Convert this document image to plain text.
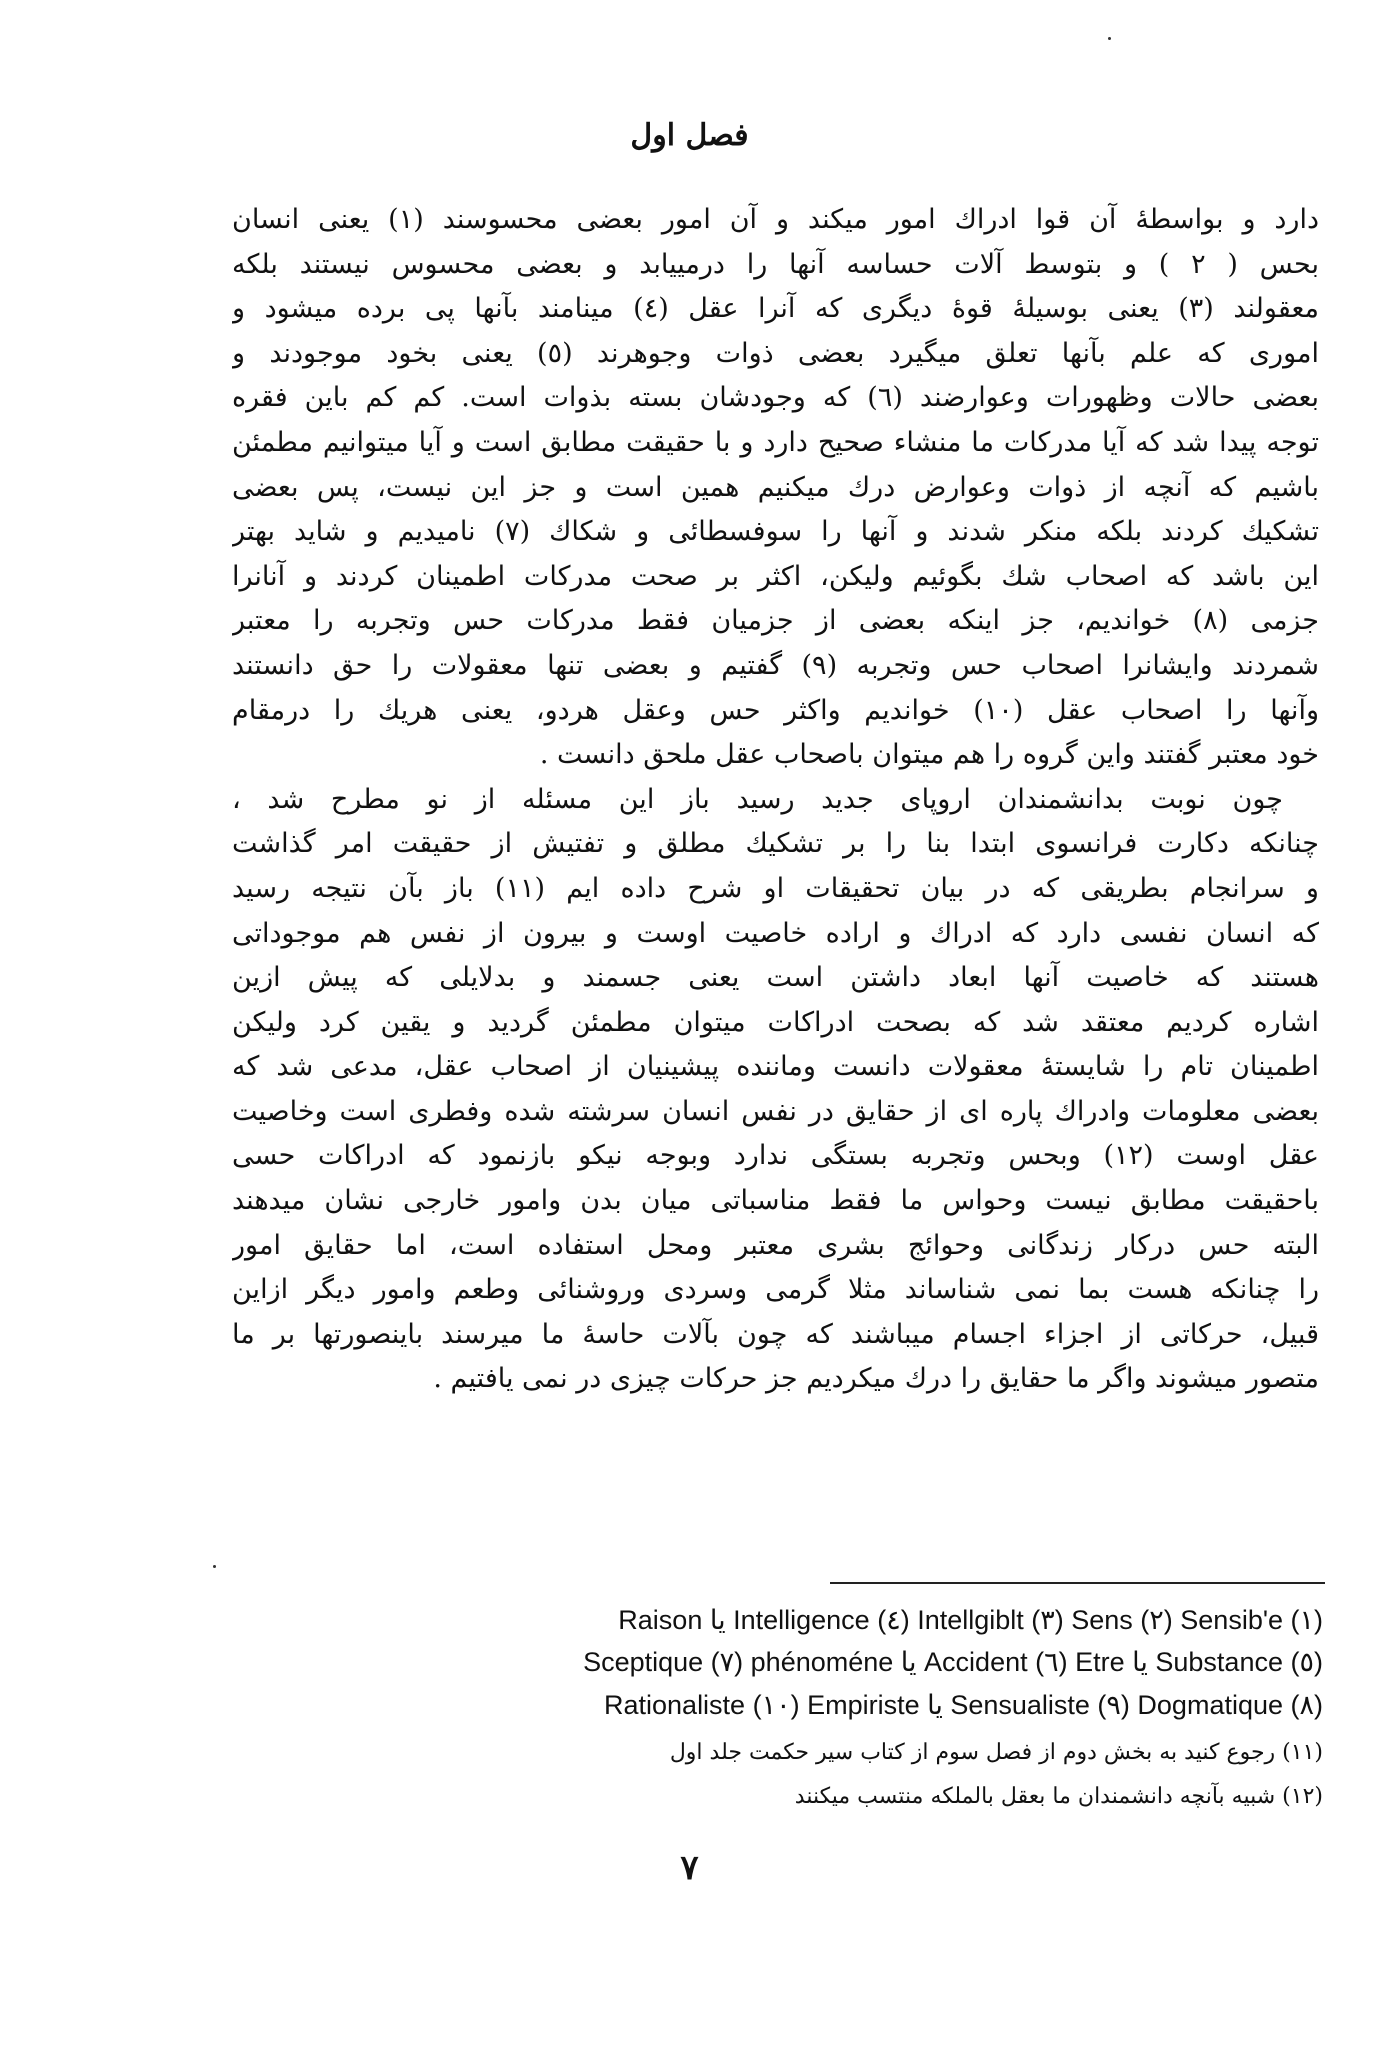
فصل اول
دارد و بواسطهٔ آن قوا ادراك امور میکند و آن امور بعضی محسوسند (۱) یعنی انسان
بحس ( ۲ ) و بتوسط آلات حساسه آنها را درمییابد و بعضی محسوس نیستند بلکه
معقولند (۳) یعنی بوسیلهٔ قوهٔ دیگری که آنرا عقل (٤) مینامند بآنها پی برده میشود و
اموری که علم بآنها تعلق میگیرد بعضی ذوات وجوهرند (٥) یعنی بخود موجودند و
بعضی حالات وظهورات وعوارضند (٦) که وجودشان بسته بذوات است. کم کم باین فقره
توجه پیدا شد که آیا مدرکات ما منشاء صحیح دارد و با حقیقت مطابق است و آیا میتوانیم مطمئن
باشیم که آنچه از ذوات وعوارض درك میکنیم همین است و جز این نیست، پس بعضی
تشکیك کردند بلکه منکر شدند و آنها را سوفسطائی و شکاك (۷) نامیدیم و شاید بهتر
این باشد که اصحاب شك بگوئیم ولیکن، اکثر بر صحت مدرکات اطمینان کردند و آنانرا
جزمی (۸) خواندیم، جز اینکه بعضی از جزمیان فقط مدرکات حس وتجربه را معتبر
شمردند وایشانرا اصحاب حس وتجربه (۹) گفتیم و بعضی تنها معقولات را حق دانستند
وآنها را اصحاب عقل (۱۰) خواندیم واکثر حس وعقل هردو، یعنی هریك را درمقام
خود معتبر گفتند واین گروه را هم میتوان باصحاب عقل ملحق دانست .
چون نوبت بدانشمندان اروپای جدید رسید باز این مسئله از نو مطرح شد ،
چنانکه دکارت فرانسوی ابتدا بنا را بر تشکیك مطلق و تفتیش از حقیقت امر گذاشت
و سرانجام بطریقی که در بیان تحقیقات او شرح داده ایم (۱۱) باز بآن نتیجه رسید
که انسان نفسی دارد که ادراك و اراده خاصیت اوست و بیرون از نفس هم موجوداتی
هستند که خاصیت آنها ابعاد داشتن است یعنی جسمند و بدلایلی که پیش ازین
اشاره کردیم معتقد شد که بصحت ادراکات میتوان مطمئن گردید و یقین کرد ولیکن
اطمینان تام را شایستهٔ معقولات دانست وماننده پیشینیان از اصحاب عقل، مدعی شد که
بعضی معلومات وادراك پاره ای از حقایق در نفس انسان سرشته شده وفطری است وخاصیت
عقل اوست (۱۲) وبحس وتجربه بستگی ندارد وبوجه نیکو بازنمود که ادراکات حسی
باحقیقت مطابق نیست وحواس ما فقط مناسباتی میان بدن وامور خارجی نشان میدهند
البته حس درکار زندگانی وحوائج بشری معتبر ومحل استفاده است، اما حقایق امور
را چنانکه هست بما نمی شناساند مثلا گرمی وسردی وروشنائی وطعم وامور دیگر ازاین
قبیل، حرکاتی از اجزاء اجسام میباشند که چون بآلات حاسهٔ ما میرسند باینصورتها بر ما
متصور میشوند واگر ما حقایق را درك میکردیم جز حرکات چیزی در نمی یافتیم .
Raison یا Intelligence (٤) Intellgiblt (۳) Sens (۲) Sensib'e (۱)
Sceptique (۷) phénoméne یا Accident (٦) Etre یا Substance (٥)
Rationaliste (۱۰) Empiriste یا Sensualiste (۹) Dogmatique (۸)
(۱۱) رجوع کنید به بخش دوم از فصل سوم از کتاب سیر حکمت جلد اول
(۱۲) شبیه بآنچه دانشمندان ما بعقل بالملکه منتسب میکنند
۷
